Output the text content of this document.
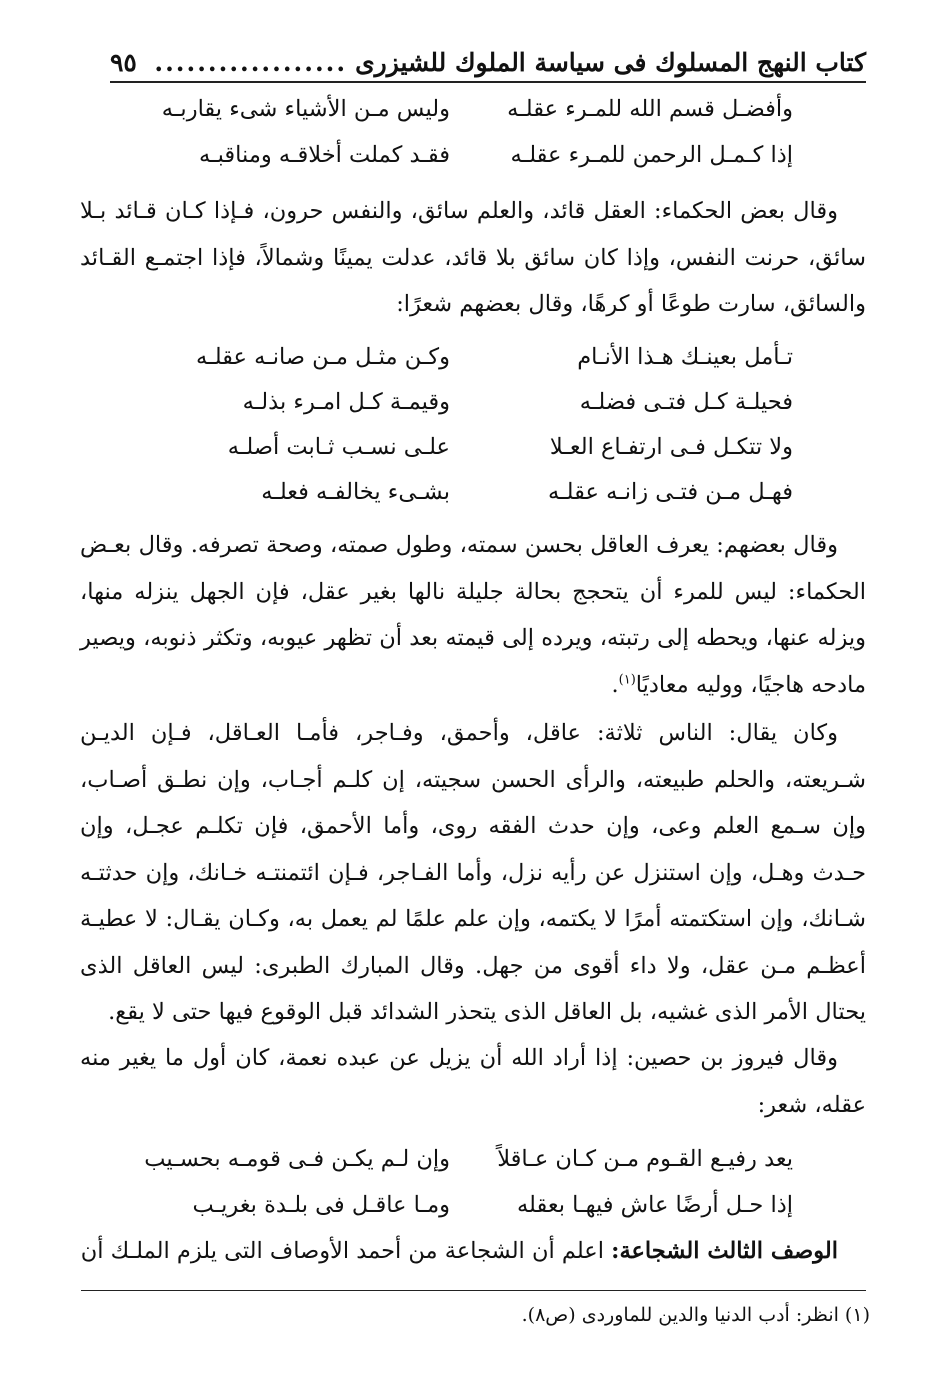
كتاب النهج المسلوك فى سياسة الملوك للشيزرى
..................
٩٥
وأفضـل قسم الله للمـرء عقلـه
وليس مـن الأشياء شىء يقاربـه
إذا كـمـل الرحمن للمـرء عقلـه
فقـد كملت أخلاقـه ومناقبـه

وقال بعض الحكماء: العقل قائد، والعلم سائق، والنفس حرون، فـإذا كـان قـائد بـلا سائق، حرنت النفس، وإذا كان سائق بلا قائد، عدلت يمينًا وشمالاً، فإذا اجتمـع القـائد والسائق، سارت طوعًا أو كرهًا، وقال بعضهم شعرًا:

تـأمل بعينـك هـذا الأنـام
وكـن مثـل مـن صانـه عقلـه
فحيلـة كـل فتـى فضلـه
وقيمـة كـل امـرء بذلـه
ولا تتكـل فـى ارتفـاع العـلا
علـى نسـب ثـابت أصلـه
فهـل مـن فتـى زانـه عقلـه
بشـىء يخالفـه فعلـه

وقال بعضهم: يعرف العاقل بحسن سمته، وطول صمته، وصحة تصرفه. وقال بعـض الحكماء: ليس للمرء أن يتحجج بحالة جليلة نالها بغير عقل، فإن الجهل ينزله منها، ويزله عنها، ويحطه إلى رتبته، ويرده إلى قيمته بعد أن تظهر عيوبه، وتكثر ذنوبه، ويصير مادحه هاجيًا، ووليه معاديًا$^{(١)}$.

وكان يقال: الناس ثلاثة: عاقل، وأحمق، وفـاجر، فأمـا العـاقل، فـإن الديـن شـريعته، والحلم طبيعته، والرأى الحسن سجيته، إن كلـم أجـاب، وإن نطـق أصـاب، وإن سـمع العلم وعى، وإن حدث الفقه روى، وأما الأحمق، فإن تكلـم عجـل، وإن حـدث وهـل، وإن استنزل عن رأيه نزل، وأما الفـاجر، فـإن ائتمنتـه خـانك، وإن حدثتـه شـانك، وإن استكتمته أمرًا لا يكتمه، وإن علم علمًا لم يعمل به، وكـان يقـال: لا عطيـة أعظـم مـن عقل، ولا داء أقوى من جهل. وقال المبارك الطبرى: ليس العاقل الذى يحتال الأمر الذى غشيه، بل العاقل الذى يتحذر الشدائد قبل الوقوع فيها حتى لا يقع.

وقال فيروز بن حصين: إذا أراد الله أن يزيل عن عبده نعمة، كان أول ما يغير منه عقله، شعر:

يعد رفيـع القـوم مـن كـان عـاقلاً
وإن لـم يكـن فـى قومـه بحسـيب
إذا حـل أرضًا عاش فيهـا بعقله
ومـا عاقـل فى بلـدة بغريـب

الوصف الثالث الشجاعة: اعلم أن الشجاعة من أحمد الأوصاف التى يلزم الملـك أن

(١) انظر: أدب الدنيا والدين للماوردى (ص٨).
